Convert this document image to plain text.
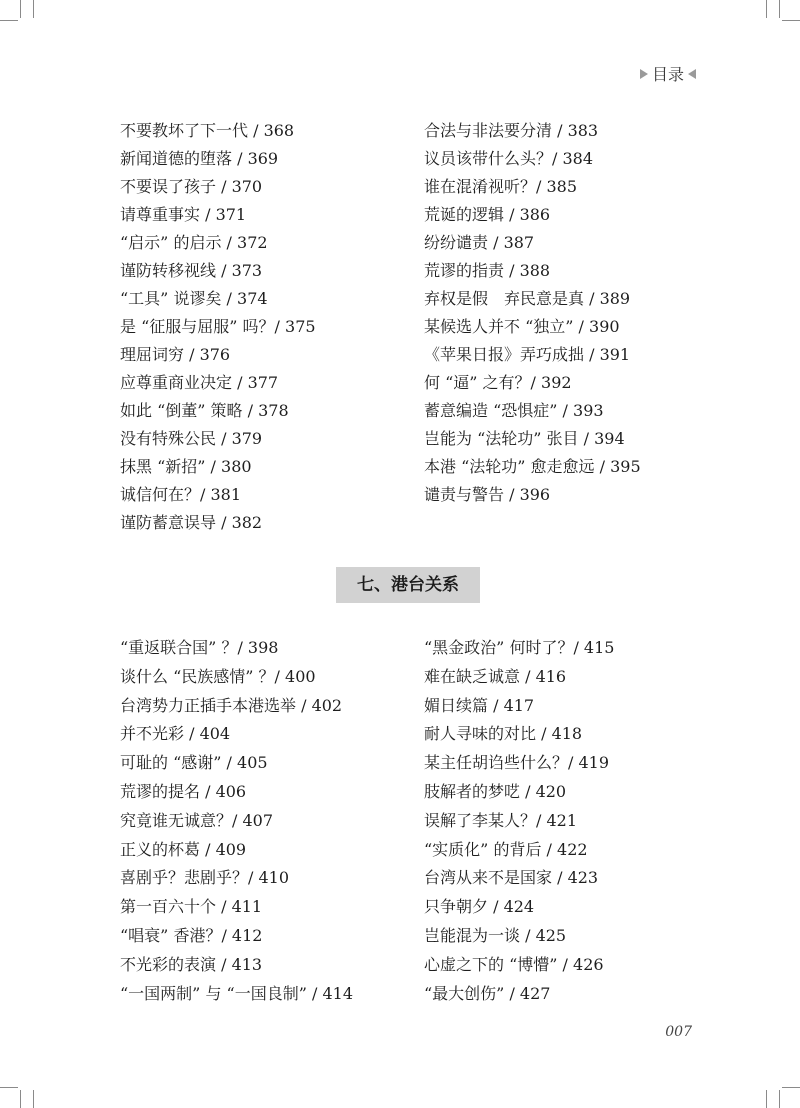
目录
不要教坏了下一代 / 368
新闻道德的堕落 / 369
不要误了孩子 / 370
请尊重事实 / 371
“启示” 的启示 / 372
谨防转移视线 / 373
“工具” 说谬矣 / 374
是 “征服与屈服” 吗？/ 375
理屈词穷 / 376
应尊重商业决定 / 377
如此 “倒董” 策略 / 378
没有特殊公民 / 379
抹黑 “新招” / 380
诚信何在？/ 381
谨防蓄意误导 / 382
合法与非法要分清 / 383
议员该带什么头？/ 384
谁在混淆视听？/ 385
荒诞的逻辑 / 386
纷纷谴责 / 387
荒谬的指责 / 388
弃权是假　弃民意是真 / 389
某候选人并不 “独立” / 390
《苹果日报》弄巧成拙 / 391
何 “逼” 之有？/ 392
蓄意编造 “恐惧症” / 393
岂能为 “法轮功” 张目 / 394
本港 “法轮功” 愈走愈远 / 395
谴责与警告 / 396
七、港台关系
“重返联合国” ？/ 398
谈什么 “民族感情” ？/ 400
台湾势力正插手本港选举 / 402
并不光彩 / 404
可耻的 “感谢” / 405
荒谬的提名 / 406
究竟谁无诚意？/ 407
正义的杯葛 / 409
喜剧乎？悲剧乎？/ 410
第一百六十个 / 411
“唱衰” 香港？/ 412
不光彩的表演 / 413
“一国两制” 与 “一国良制” / 414
“黑金政治” 何时了？/ 415
难在缺乏诚意 / 416
媚日续篇 / 417
耐人寻味的对比 / 418
某主任胡诌些什么？/ 419
肢解者的梦呓 / 420
误解了李某人？/ 421
“实质化” 的背后 / 422
台湾从来不是国家 / 423
只争朝夕 / 424
岂能混为一谈 / 425
心虚之下的 “博懵” / 426
“最大创伤” / 427
007
